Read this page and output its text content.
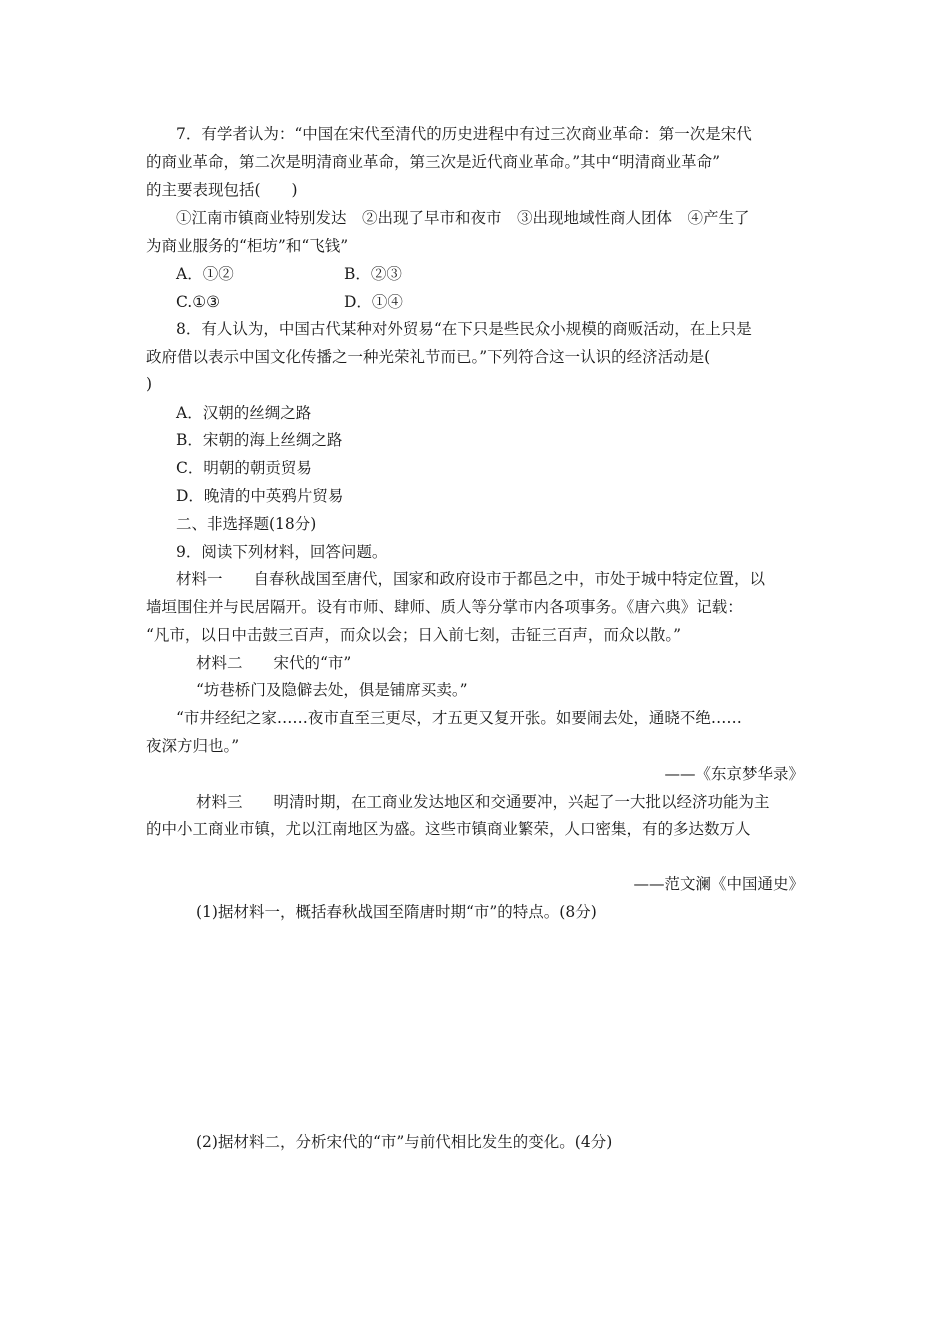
7．有学者认为：“中国在宋代至清代的历史进程中有过三次商业革命：第一次是宋代
的商业革命，第二次是明清商业革命，第三次是近代商业革命。”其中“明清商业革命”
的主要表现包括(　　)
①江南市镇商业特别发达　②出现了早市和夜市　③出现地域性商人团体　④产生了
为商业服务的“柜坊”和“飞钱”
A．①②	B．②③
C.①③	D．①④
8．有人认为，中国古代某种对外贸易“在下只是些民众小规模的商贩活动，在上只是
政府借以表示中国文化传播之一种光荣礼节而已。”下列符合这一认识的经济活动是(
)
A．汉朝的丝绸之路
B．宋朝的海上丝绸之路
C．明朝的朝贡贸易
D．晚清的中英鸦片贸易
二、非选择题(18分)
9．阅读下列材料，回答问题。
材料一　　自春秋战国至唐代，国家和政府设市于都邑之中，市处于城中特定位置，以
墙垣围住并与民居隔开。设有市师、肆师、质人等分掌市内各项事务。《唐六典》记载：
“凡市，以日中击鼓三百声，而众以会；日入前七刻，击钲三百声，而众以散。”
材料二　　宋代的“市”
“坊巷桥门及隐僻去处，俱是铺席买卖。”
“市井经纪之家……夜市直至三更尽，才五更又复开张。如要闹去处，通晓不绝……
夜深方归也。”
——《东京梦华录》
材料三　　明清时期，在工商业发达地区和交通要冲，兴起了一大批以经济功能为主
的中小工商业市镇，尤以江南地区为盛。这些市镇商业繁荣，人口密集，有的多达数万人
——范文澜《中国通史》
(1)据材料一，概括春秋战国至隋唐时期“市”的特点。(8分)
(2)据材料二，分析宋代的“市”与前代相比发生的变化。(4分)
